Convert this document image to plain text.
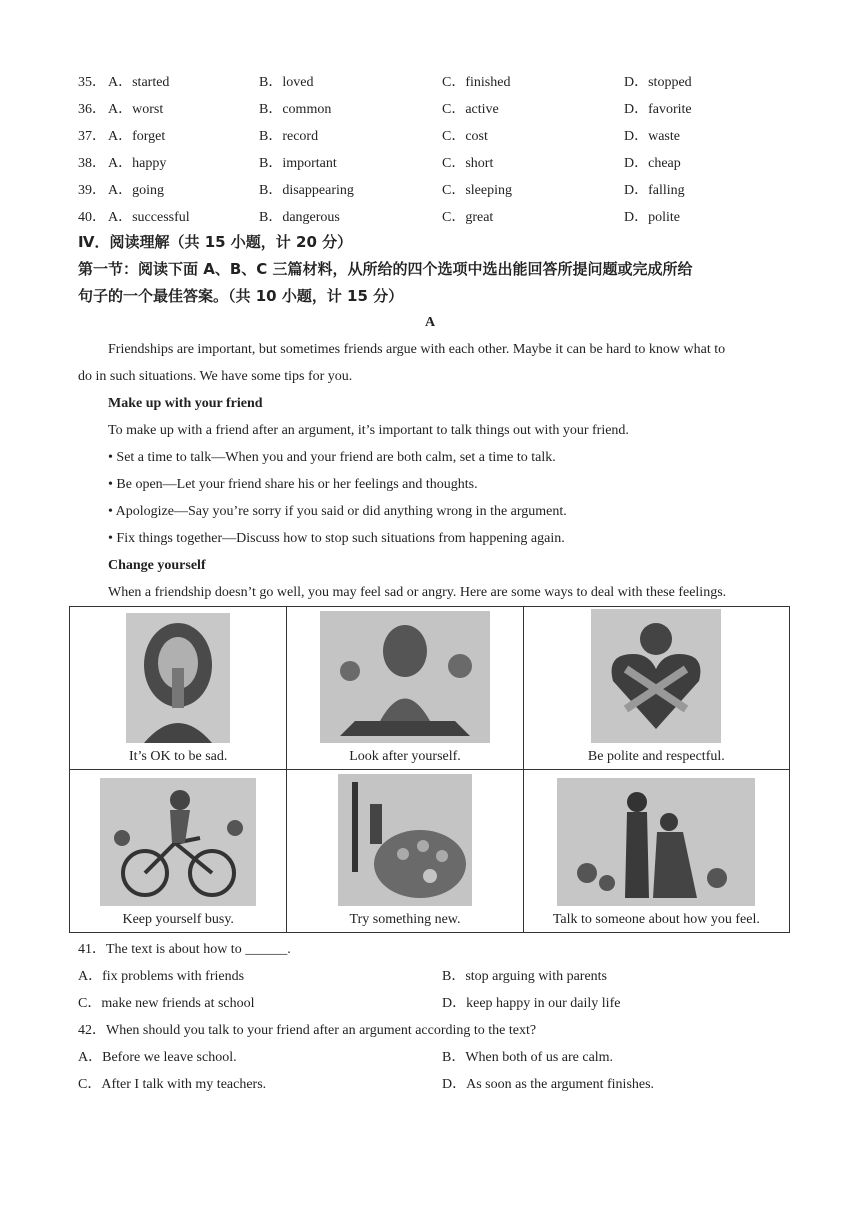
35． A．started	B．loved	C．finished	D．stopped
36． A．worst	B．common	C．active	D．favorite
37． A．forget	B．record	C．cost	D．waste
38． A．happy	B．important	C．short	D．cheap
39． A．going	B．disappearing	C．sleeping	D．falling
40． A．successful	B．dangerous	C．great	D．polite
Ⅳ．阅读理解（共 15 小题，计 20 分）
第一节：阅读下面 A、B、C 三篇材料，从所给的四个选项中选出能回答所提问题或完成所给
句子的一个最佳答案。（共 10 小题，计 15 分）
A
Friendships are important, but sometimes friends argue with each other. Maybe it can be hard to know what to
do in such situations. We have some tips for you.
Make up with your friend
To make up with a friend after an argument, it’s important to talk things out with your friend.
• Set a time to talk—When you and your friend are both calm, set a time to talk.
• Be open—Let your friend share his or her feelings and thoughts.
• Apologize—Say you’re sorry if you said or did anything wrong in the argument.
• Fix things together—Discuss how to stop such situations from happening again.
Change yourself
When a friendship doesn’t go well, you may feel sad or angry. Here are some ways to deal with these feelings.
It’s OK to be sad.	Look after yourself.	Be polite and respectful.

Keep yourself busy.	Try something new.	Talk to someone about how you feel.
41．The text is about how to ______.
A．fix problems with friends	B．stop arguing with parents
C．make new friends at school	D．keep happy in our daily life
42．When should you talk to your friend after an argument according to the text?
A．Before we leave school.	B．When both of us are calm.
C．After I talk with my teachers.	D．As soon as the argument finishes.
